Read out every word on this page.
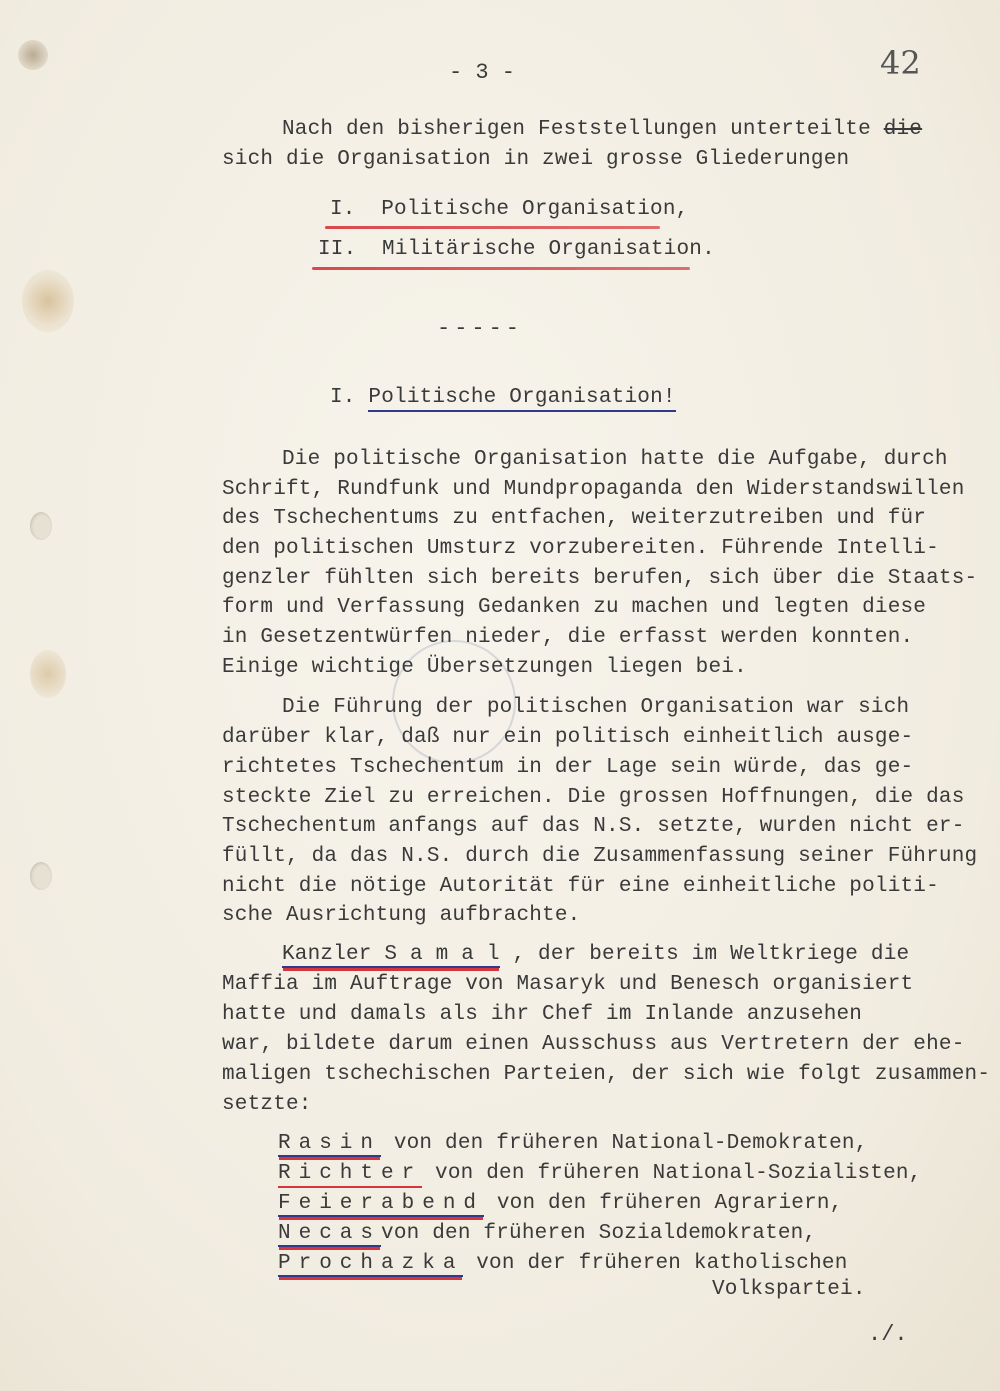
- 3 -	42
Nach den bisherigen Feststellungen unterteilte die
sich die Organisation in zwei grosse Gliederungen
I. Politische Organisation,
II. Militärische Organisation.
-----
I. Politische Organisation!
Die politische Organisation hatte die Aufgabe, durch
Schrift, Rundfunk und Mundpropaganda den Widerstandswillen
des Tschechentums zu entfachen, weiterzutreiben und für
den politischen Umsturz vorzubereiten. Führende Intelli-
genzler fühlten sich bereits berufen, sich über die Staats-
form und Verfassung Gedanken zu machen und legten diese
in Gesetzentwürfen nieder, die erfasst werden konnten.
Einige wichtige Übersetzungen liegen bei.
Die Führung der politischen Organisation war sich
darüber klar, daß nur ein politisch einheitlich ausge-
richtetes Tschechentum in der Lage sein würde, das ge-
steckte Ziel zu erreichen. Die grossen Hoffnungen, die das
Tschechentum anfangs auf das N.S. setzte, wurden nicht er-
füllt, da das N.S. durch die Zusammenfassung seiner Führung
nicht die nötige Autorität für eine einheitliche politi-
sche Ausrichtung aufbrachte.
Kanzler S a m a l , der bereits im Weltkriege die
Maffia im Auftrage von Masaryk und Benesch organisiert
hatte und damals als ihr Chef im Inlande anzusehen
war, bildete darum einen Ausschuss aus Vertretern der ehe-
maligen tschechischen Parteien, der sich wie folgt zusammen-
setzte:
Rasin von den früheren National-Demokraten,
Richter von den früheren National-Sozialisten,
Feierabend von den früheren Agrariern,
Necasvon den früheren Sozialdemokraten,
Prochazka von der früheren katholischen
Volkspartei.
./.
